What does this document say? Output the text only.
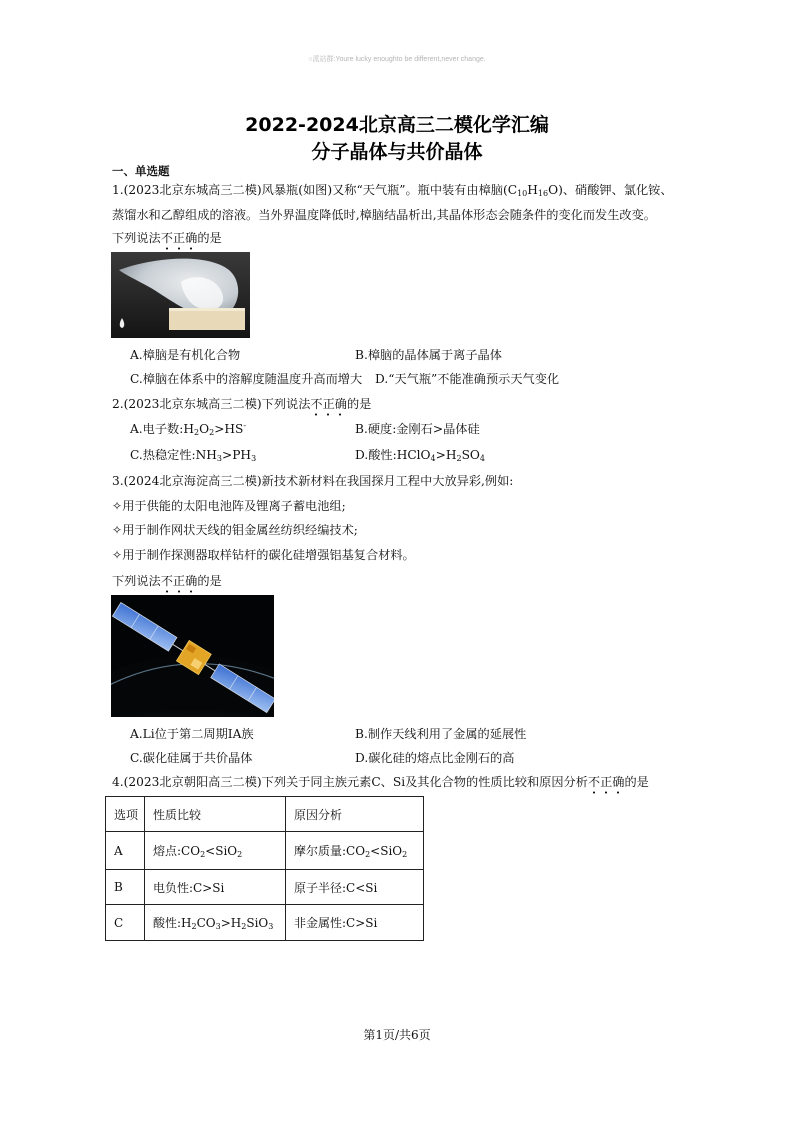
○派站群:Youre lucky enoughto be different,never change.
2022-2024北京高三二模化学汇编
分子晶体与共价晶体
一、单选题
1.(2023北京东城高三二模)风暴瓶(如图)又称“天气瓶”。瓶中装有由樟脑$(C_{10}H_{16}O)$、硝酸钾、氯化铵、
蒸馏水和乙醇组成的溶液。当外界温度降低时,樟脑结晶析出,其晶体形态会随条件的变化而发生改变。
下列说法不正确
的是
A.樟脑是有机化合物	B.樟脑的晶体属于离子晶体
C.樟脑在体系中的溶解度随温度升高而增大 D.“天气瓶”不能准确预示天气变化
2.(2023北京东城高三二模)下列说法不正确
的是
A.电子数$:H_2O_2>HS^-$	B.硬度:金刚石>晶体硅
C.热稳定性$:NH_3>PH_3$	D.酸性$:HClO_4>H_2SO_4$
3.(2024北京海淀高三二模)新技术新材料在我国探月工程中大放异彩,例如:
✧用于供能的太阳电池阵及锂离子蓄电池组;
✧用于制作网状天线的钼金属丝纺织经编技术;
✧用于制作探测器取样钻杆的碳化硅增强铝基复合材料。
下列说法不正确
的是
A.Li位于第二周期IA族	B.制作天线利用了金属的延展性
C.碳化硅属于共价晶体	D.碳化硅的熔点比金刚石的高
4.(2023北京朝阳高三二模)下列关于同主族元素C、Si及其化合物的性质比较和原因分析不正确
的是
选项	性质比较	原因分析
A	熔点$:CO_2<SiO_2$	摩尔质量$:CO_2<SiO_2$
B	电负性:C>Si	原子半径:C<Si
C	酸性$:H_2CO_3>H_2SiO_3$	非金属性:C>Si
第1页/共6页
